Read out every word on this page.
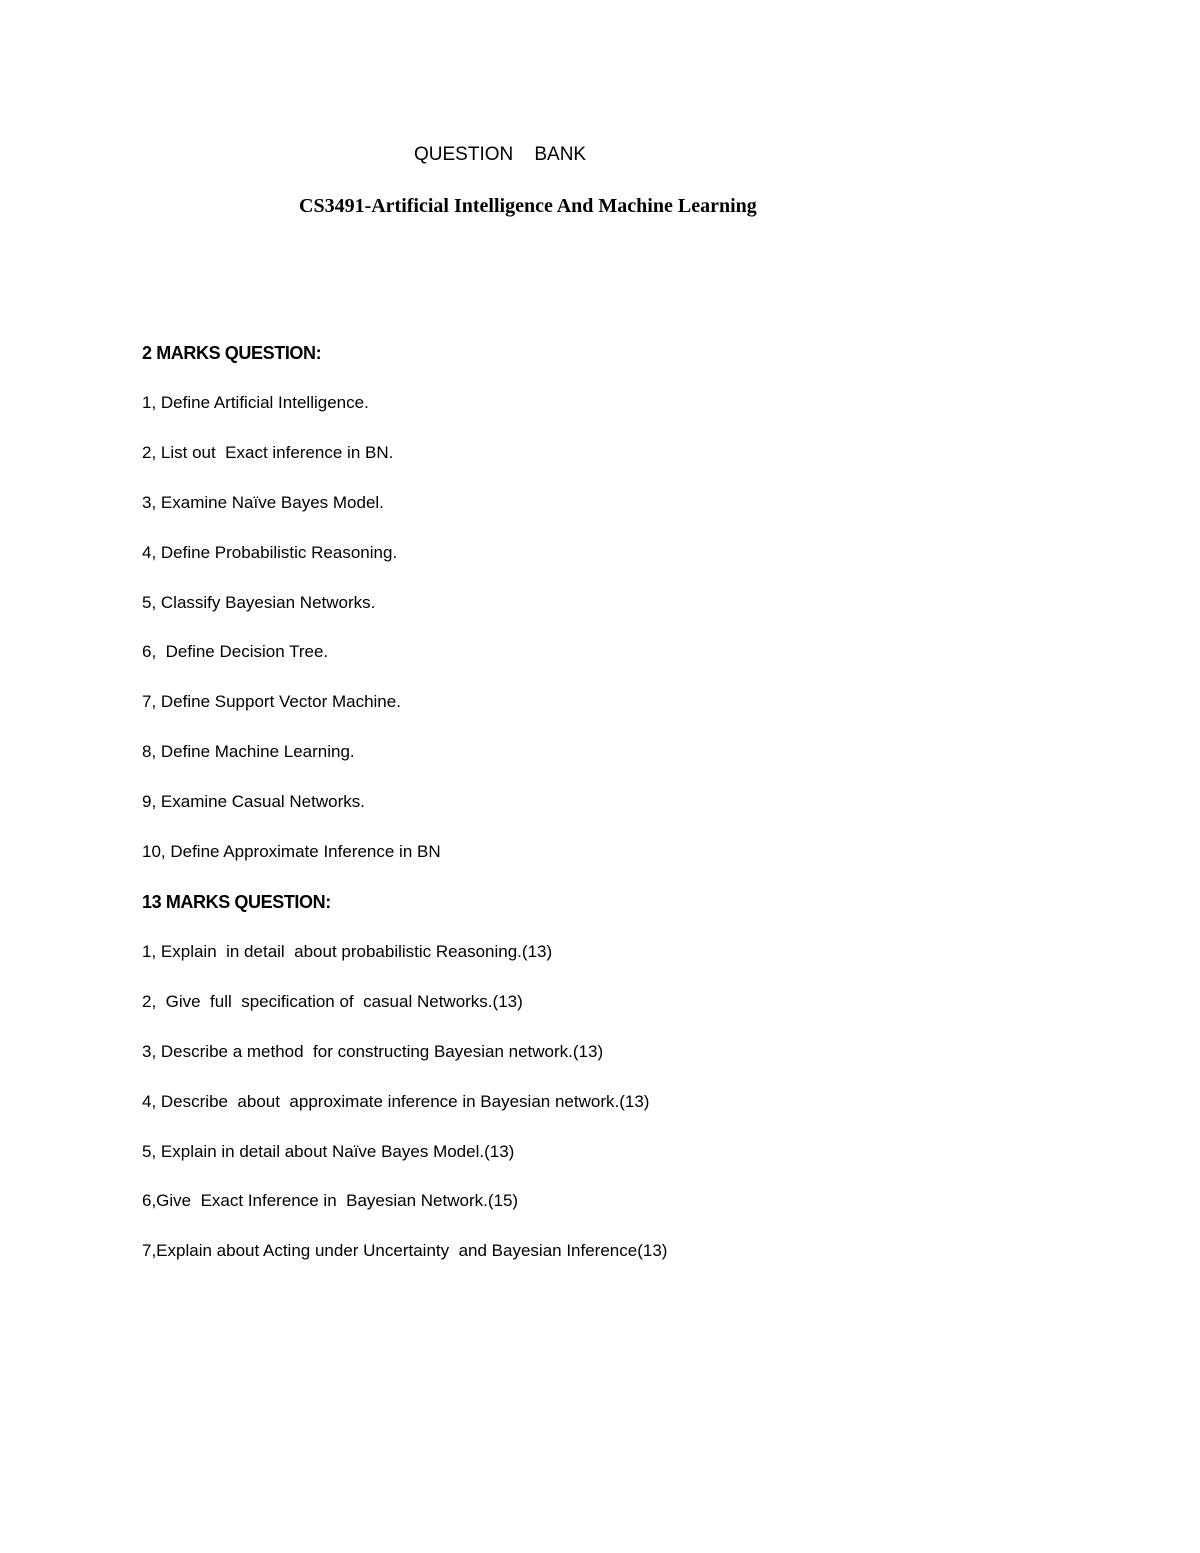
QUESTION    BANK
CS3491-Artificial Intelligence And Machine Learning
2 MARKS QUESTION:
1, Define Artificial Intelligence.
2, List out  Exact inference in BN.
3, Examine Naïve Bayes Model.
4, Define Probabilistic Reasoning.
5, Classify Bayesian Networks.
6,  Define Decision Tree.
7, Define Support Vector Machine.
8, Define Machine Learning.
9, Examine Casual Networks.
10, Define Approximate Inference in BN
13 MARKS QUESTION:
1, Explain  in detail  about probabilistic Reasoning.(13)
2,  Give  full  specification of  casual Networks.(13)
3, Describe a method  for constructing Bayesian network.(13)
4, Describe  about  approximate inference in Bayesian network.(13)
5, Explain in detail about Naïve Bayes Model.(13)
6,Give  Exact Inference in  Bayesian Network.(15)
7,Explain about Acting under Uncertainty  and Bayesian Inference(13)
